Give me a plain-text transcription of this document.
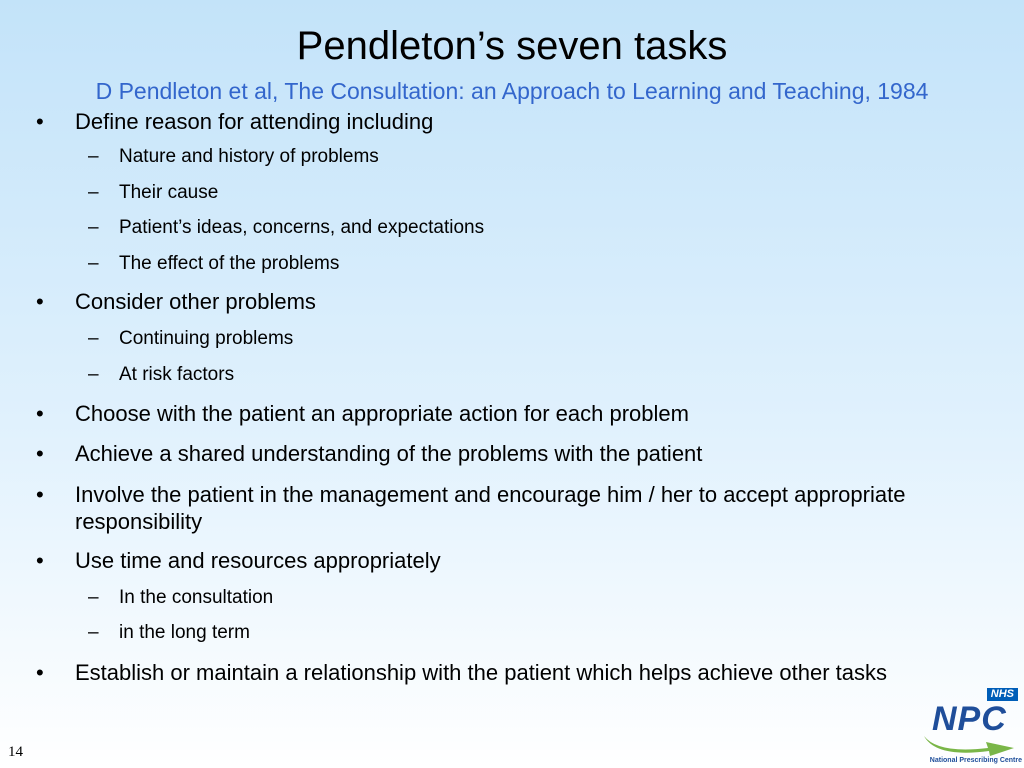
Pendleton’s seven tasks

D Pendleton et al, The Consultation: an Approach to Learning and Teaching, 1984

• Define reason for attending including
– Nature and history of problems
– Their cause
– Patient’s ideas, concerns, and expectations
– The effect of the problems
• Consider other problems
– Continuing problems
– At risk factors
• Choose with the patient an appropriate action for each problem
• Achieve a shared understanding of the problems with the patient
• Involve the patient in the management and encourage him / her to accept appropriate responsibility
• Use time and resources appropriately
– In the consultation
– in the long term
• Establish or maintain a relationship with the patient which helps achieve other tasks
14
NHS
NPC
National Prescribing Centre
